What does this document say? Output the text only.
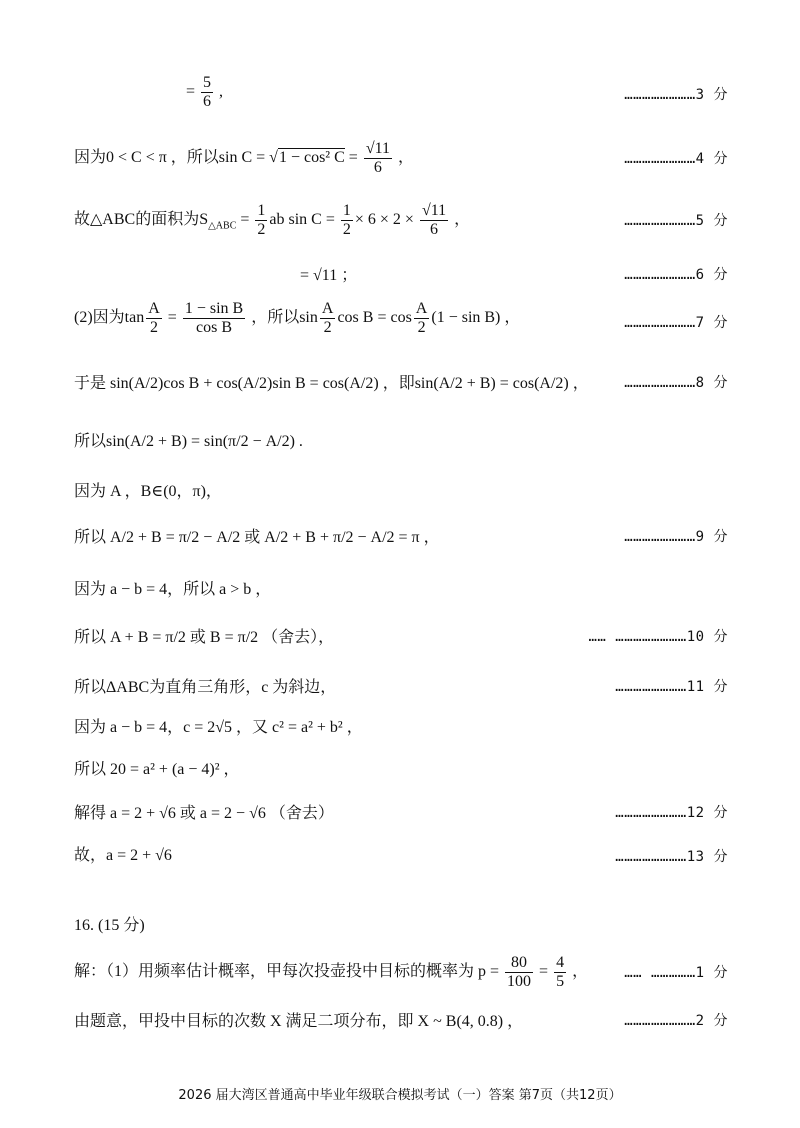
= $\frac{5}{6}$ ,	……………………3 分
因为0 < C < π ，所以sin C = √1 − cos² $C = \frac{√11}{6}$ ，	……………………4 分
故△ABC的面积为$S_{\triangle ABC} = \frac{1}{2}$ ab $\sin C = \frac{1}{2} \times 6 \times 2 \times \frac{√11}{6}$ ，	……………………5 分
= √11 ；	……………………6 分
(2)因为$\tan \frac{A}{2} = \frac{\text{1 − sin B}}{\text{cos B}}$ ，所以$\sin \frac{A}{2}$ $\cos B = \cos \frac{A}{2} (1 - \sin B)$ ，	……………………7 分
于是 sin(A/2)cos B + cos(A/2)sin B = cos(A/2) ，即sin(A/2 + B) = cos(A/2) ，	……………………8 分
所以sin(A/2 + B) = sin(π/2 − A/2) .
因为 A ，B∈(0，π)，
所以 A/2 + B = π/2 − A/2 或 A/2 + B + π/2 − A/2 = π ，	……………………9 分
因为 a − b = 4，所以 a > b ，
所以 A + B = π/2 或 B = π/2 （舍去），	…… ……………………10 分
所以ΔABC为直角三角形，c 为斜边，	……………………11 分
因为 a − b = 4，c = 2√5 ，又 c² = a² + b² ，
所以 20 = a² + (a − 4)² ，
解得 a = 2 + √6 或 a = 2 − √6 （舍去）	……………………12 分
故，a = 2 + √6	……………………13 分
16. (15 分)
解：（1）用频率估计概率，甲每次投壶投中目标的概率为 $p = \frac{80}{100} = \frac{4}{5}$ ，	…… ……………1 分
由题意，甲投中目标的次数 X 满足二项分布，即 X ~ B(4, 0.8) ，	……………………2 分
2026 届大湾区普通高中毕业年级联合模拟考试（一）答案 第7页（共12页）
